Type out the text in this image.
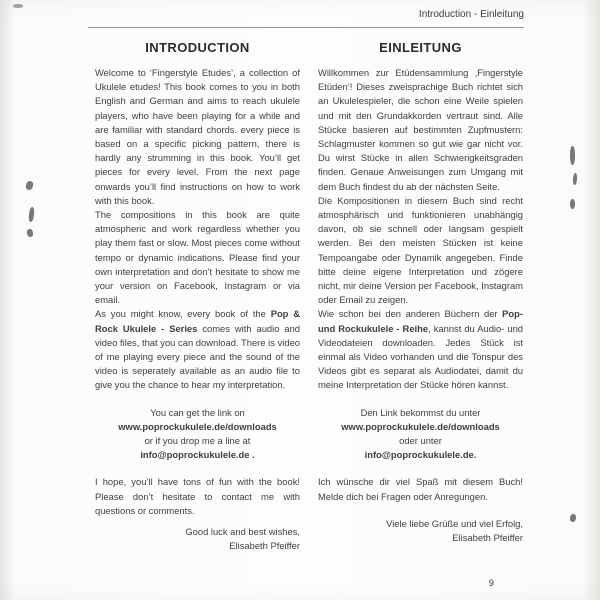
Introduction - Einleitung
INTRODUCTION

Welcome to ‘Fingerstyle Etudes’, a collection of Ukulele etudes! This book comes to you in both English and German and aims to reach ukulele players, who have been playing for a while and are familiar with standard chords. every piece is based on a specific picking pattern, there is hardly any strumming in this book. You’ll get pieces for every level. From the next page onwards you’ll find instructions on how to work with this book.

The compositions in this book are quite atmospheric and work regardless whether you play them fast or slow. Most pieces come without tempo or dynamic indications. Please find your own interpretation and don’t hesitate to show me your version on Facebook, Instagram or via email.

As you might know, every book of the Pop & Rock Ukulele - Series comes with audio and video files, that you can download. There is video of me playing every piece and the sound of the video is seperately available as an audio file to give you the chance to hear my interpretation.

You can get the link on

www.poprockukulele.de/downloads

or if you drop me a line at

info@poprockukulele.de .

I hope, you’ll have tons of fun with the book! Please don’t hesitate to contact me with questions or comments.

Good luck and best wishes,

Elisabeth Pfeiffer

EINLEITUNG

Willkommen zur Etüdensammlung ‚Fingerstyle Etüden‘! Dieses zweisprachige Buch richtet sich an Ukulelespieler, die schon eine Weile spielen und mit den Grundakkorden vertraut sind. Alle Stücke basieren auf bestimmten Zupfmustern: Schlagmuster kommen so gut wie gar nicht vor. Du wirst Stücke in allen Schwierigkeitsgraden finden. Genaue Anweisungen zum Umgang mit dem Buch findest du ab der nächsten Seite.

Die Kompositionen in diesem Buch sind recht atmosphärisch und funktionieren unabhängig davon, ob sie schnell oder langsam gespielt werden. Bei den meisten Stücken ist keine Tempoangabe oder Dynamik angegeben. Finde bitte deine eigene Interpretation und zögere nicht, mir deine Version per Facebook, Instagram oder Email zu zeigen.

Wie schon bei den anderen Büchern der Pop- und Rockukulele - Reihe, kannst du Audio- und Videodateien downloaden. Jedes Stück ist einmal als Video vorhanden und die Tonspur des Videos gibt es separat als Audiodatei, damit du meine Interpretation der Stücke hören kannst.

Den Link bekommst du unter

www.poprockukulele.de/downloads

oder unter

info@poprockukulele.de.

Ich wünsche dir viel Spaß mit diesem Buch! Melde dich bei Fragen oder Anregungen.

Viele liebe Grüße und viel Erfolg,

Elisabeth Pfeiffer

9
